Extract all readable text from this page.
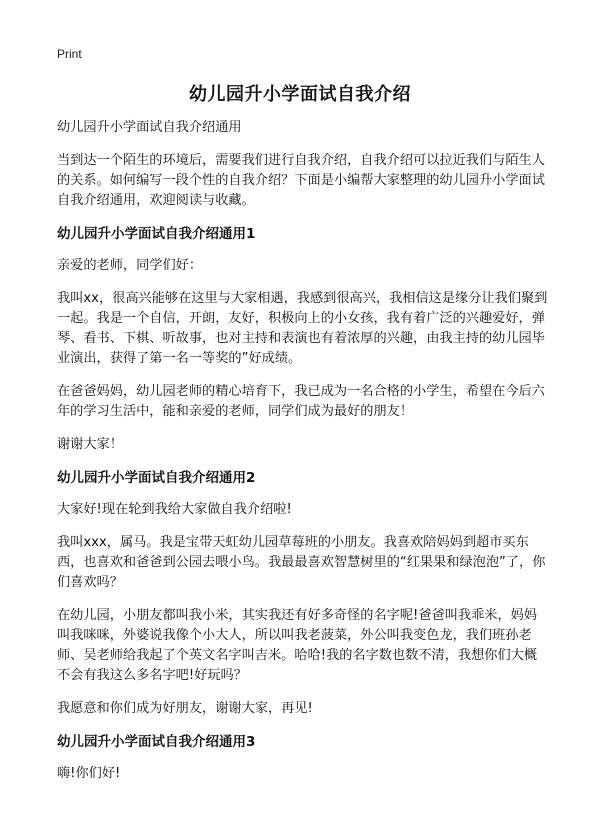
Print
幼儿园升小学面试自我介绍

幼儿园升小学面试自我介绍通用

当到达一个陌生的环境后，需要我们进行自我介绍，自我介绍可以拉近我们与陌生人的关系。如何编写一段个性的自我介绍？下面是小编帮大家整理的幼儿园升小学面试自我介绍通用，欢迎阅读与收藏。

幼儿园升小学面试自我介绍通用1

亲爱的老师，同学们好：

我叫xx，很高兴能够在这里与大家相遇，我感到很高兴，我相信这是缘分让我们聚到一起。我是一个自信，开朗，友好，积极向上的小女孩，我有着广泛的兴趣爱好，弹琴、看书、下棋、听故事，也对主持和表演也有着浓厚的兴趣，由我主持的幼儿园毕业演出，获得了第一名一等奖的”好成绩。

在爸爸妈妈，幼儿园老师的精心培育下，我已成为一名合格的小学生，希望在今后六年的学习生活中，能和亲爱的老师，同学们成为最好的朋友！

谢谢大家！

幼儿园升小学面试自我介绍通用2

大家好!现在轮到我给大家做自我介绍啦!

我叫xxx，属马。我是宝带天虹幼儿园草莓班的小朋友。我喜欢陪妈妈到超市买东西，也喜欢和爸爸到公园去喂小鸟。我最最喜欢智慧树里的“红果果和绿泡泡”了，你们喜欢吗？

在幼儿园，小朋友都叫我小米，其实我还有好多奇怪的名字呢!爸爸叫我乖米，妈妈叫我咪咪，外婆说我像个小大人，所以叫我老菠菜，外公叫我变色龙，我们班孙老师、吴老师给我起了个英文名字叫吉米。哈哈!我的名字数也数不清，我想你们大概不会有我这么多名字吧!好玩吗？

我愿意和你们成为好朋友，谢谢大家，再见!

幼儿园升小学面试自我介绍通用3

嗨!你们好!
